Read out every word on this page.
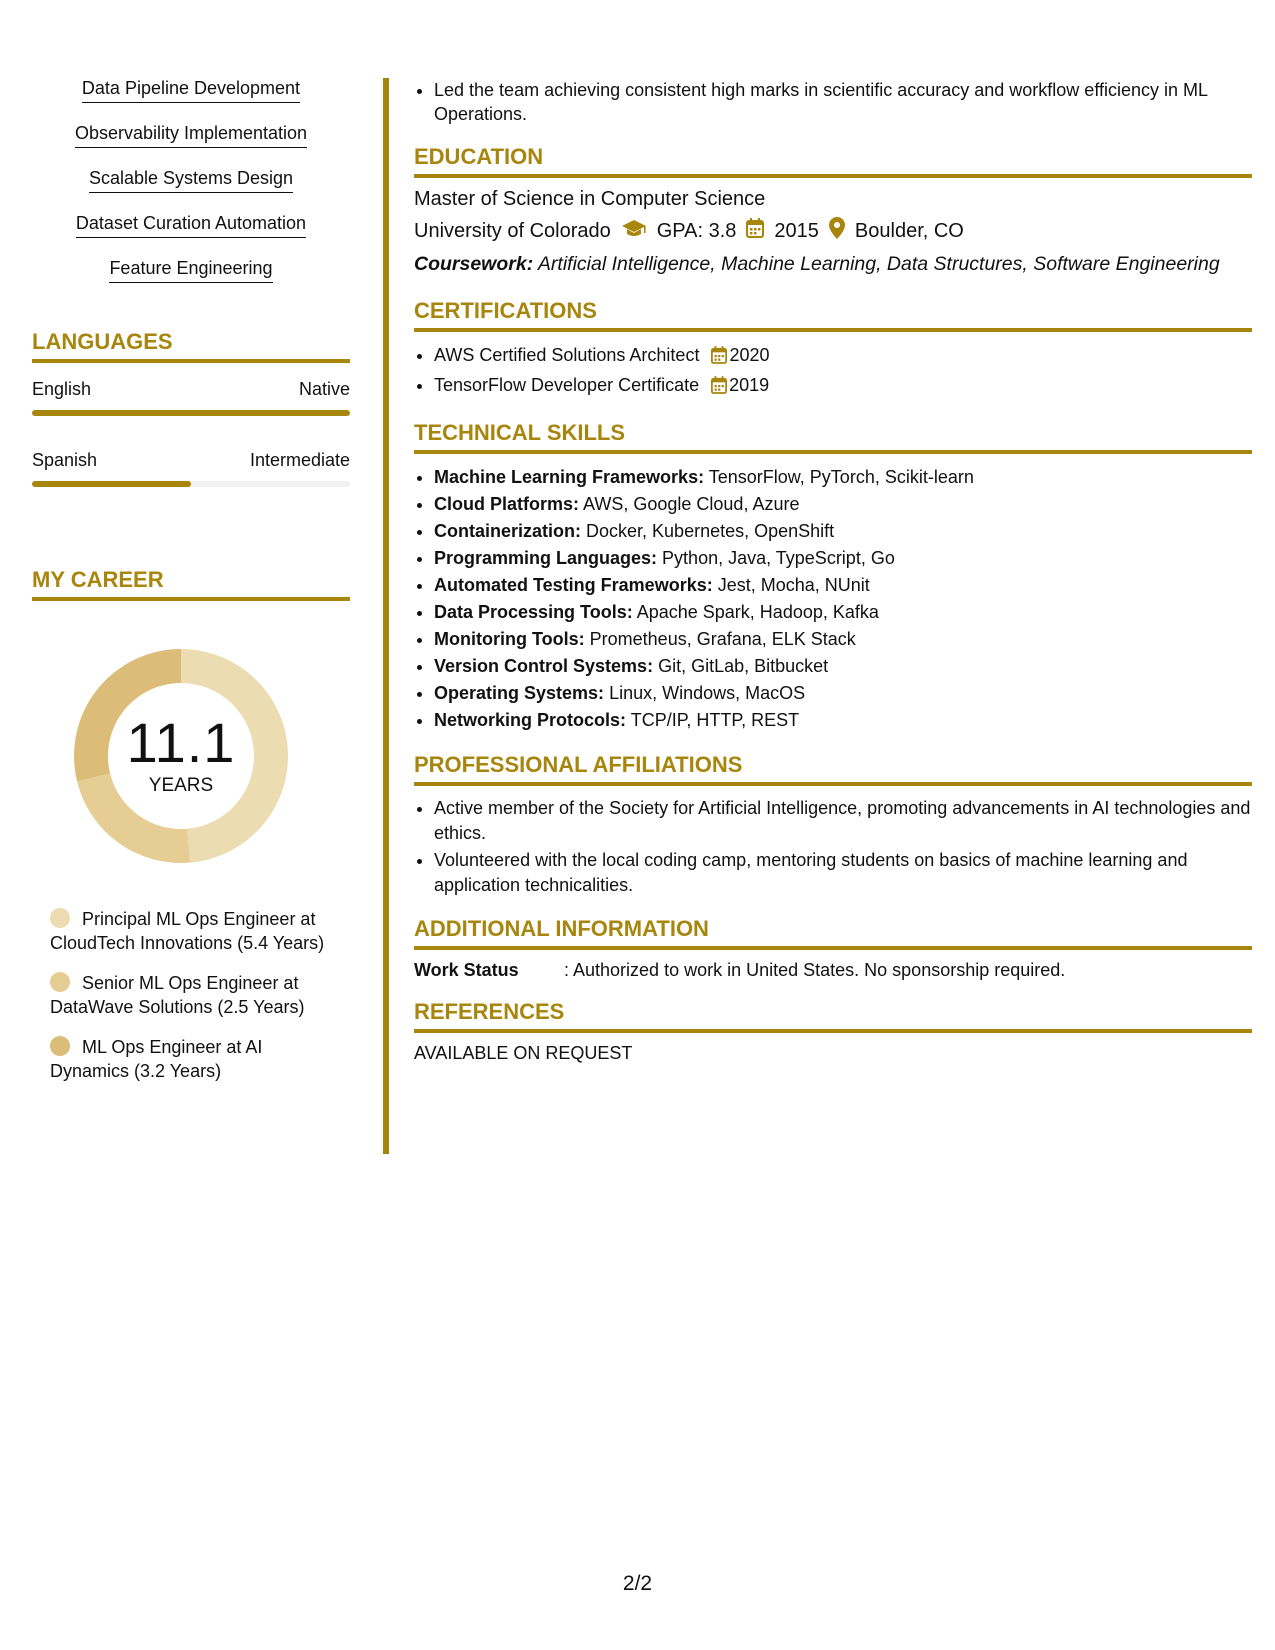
Data Pipeline Development
Observability Implementation
Scalable Systems Design
Dataset Curation Automation
Feature Engineering
LANGUAGES
English	Native
Spanish	Intermediate
MY CAREER
11.1
YEARS
Principal ML Ops Engineer at CloudTech Innovations (5.4 Years)
Senior ML Ops Engineer at DataWave Solutions (2.5 Years)
ML Ops Engineer at AI Dynamics (3.2 Years)
• Led the team achieving consistent high marks in scientific accuracy and workflow efficiency in ML Operations.
EDUCATION
Master of Science in Computer Science
University of Colorado GPA: 3.8 2015 Boulder, CO
Coursework: Artificial Intelligence, Machine Learning, Data Structures, Software Engineering
CERTIFICATIONS
• AWS Certified Solutions Architect 2020
• TensorFlow Developer Certificate 2019
TECHNICAL SKILLS
• Machine Learning Frameworks: TensorFlow, PyTorch, Scikit-learn
• Cloud Platforms: AWS, Google Cloud, Azure
• Containerization: Docker, Kubernetes, OpenShift
• Programming Languages: Python, Java, TypeScript, Go
• Automated Testing Frameworks: Jest, Mocha, NUnit
• Data Processing Tools: Apache Spark, Hadoop, Kafka
• Monitoring Tools: Prometheus, Grafana, ELK Stack
• Version Control Systems: Git, GitLab, Bitbucket
• Operating Systems: Linux, Windows, MacOS
• Networking Protocols: TCP/IP, HTTP, REST
PROFESSIONAL AFFILIATIONS
• Active member of the Society for Artificial Intelligence, promoting advancements in AI technologies and ethics.
• Volunteered with the local coding camp, mentoring students on basics of machine learning and application technicalities.
ADDITIONAL INFORMATION
Work Status	: Authorized to work in United States. No sponsorship required.
REFERENCES
AVAILABLE ON REQUEST
2/2
